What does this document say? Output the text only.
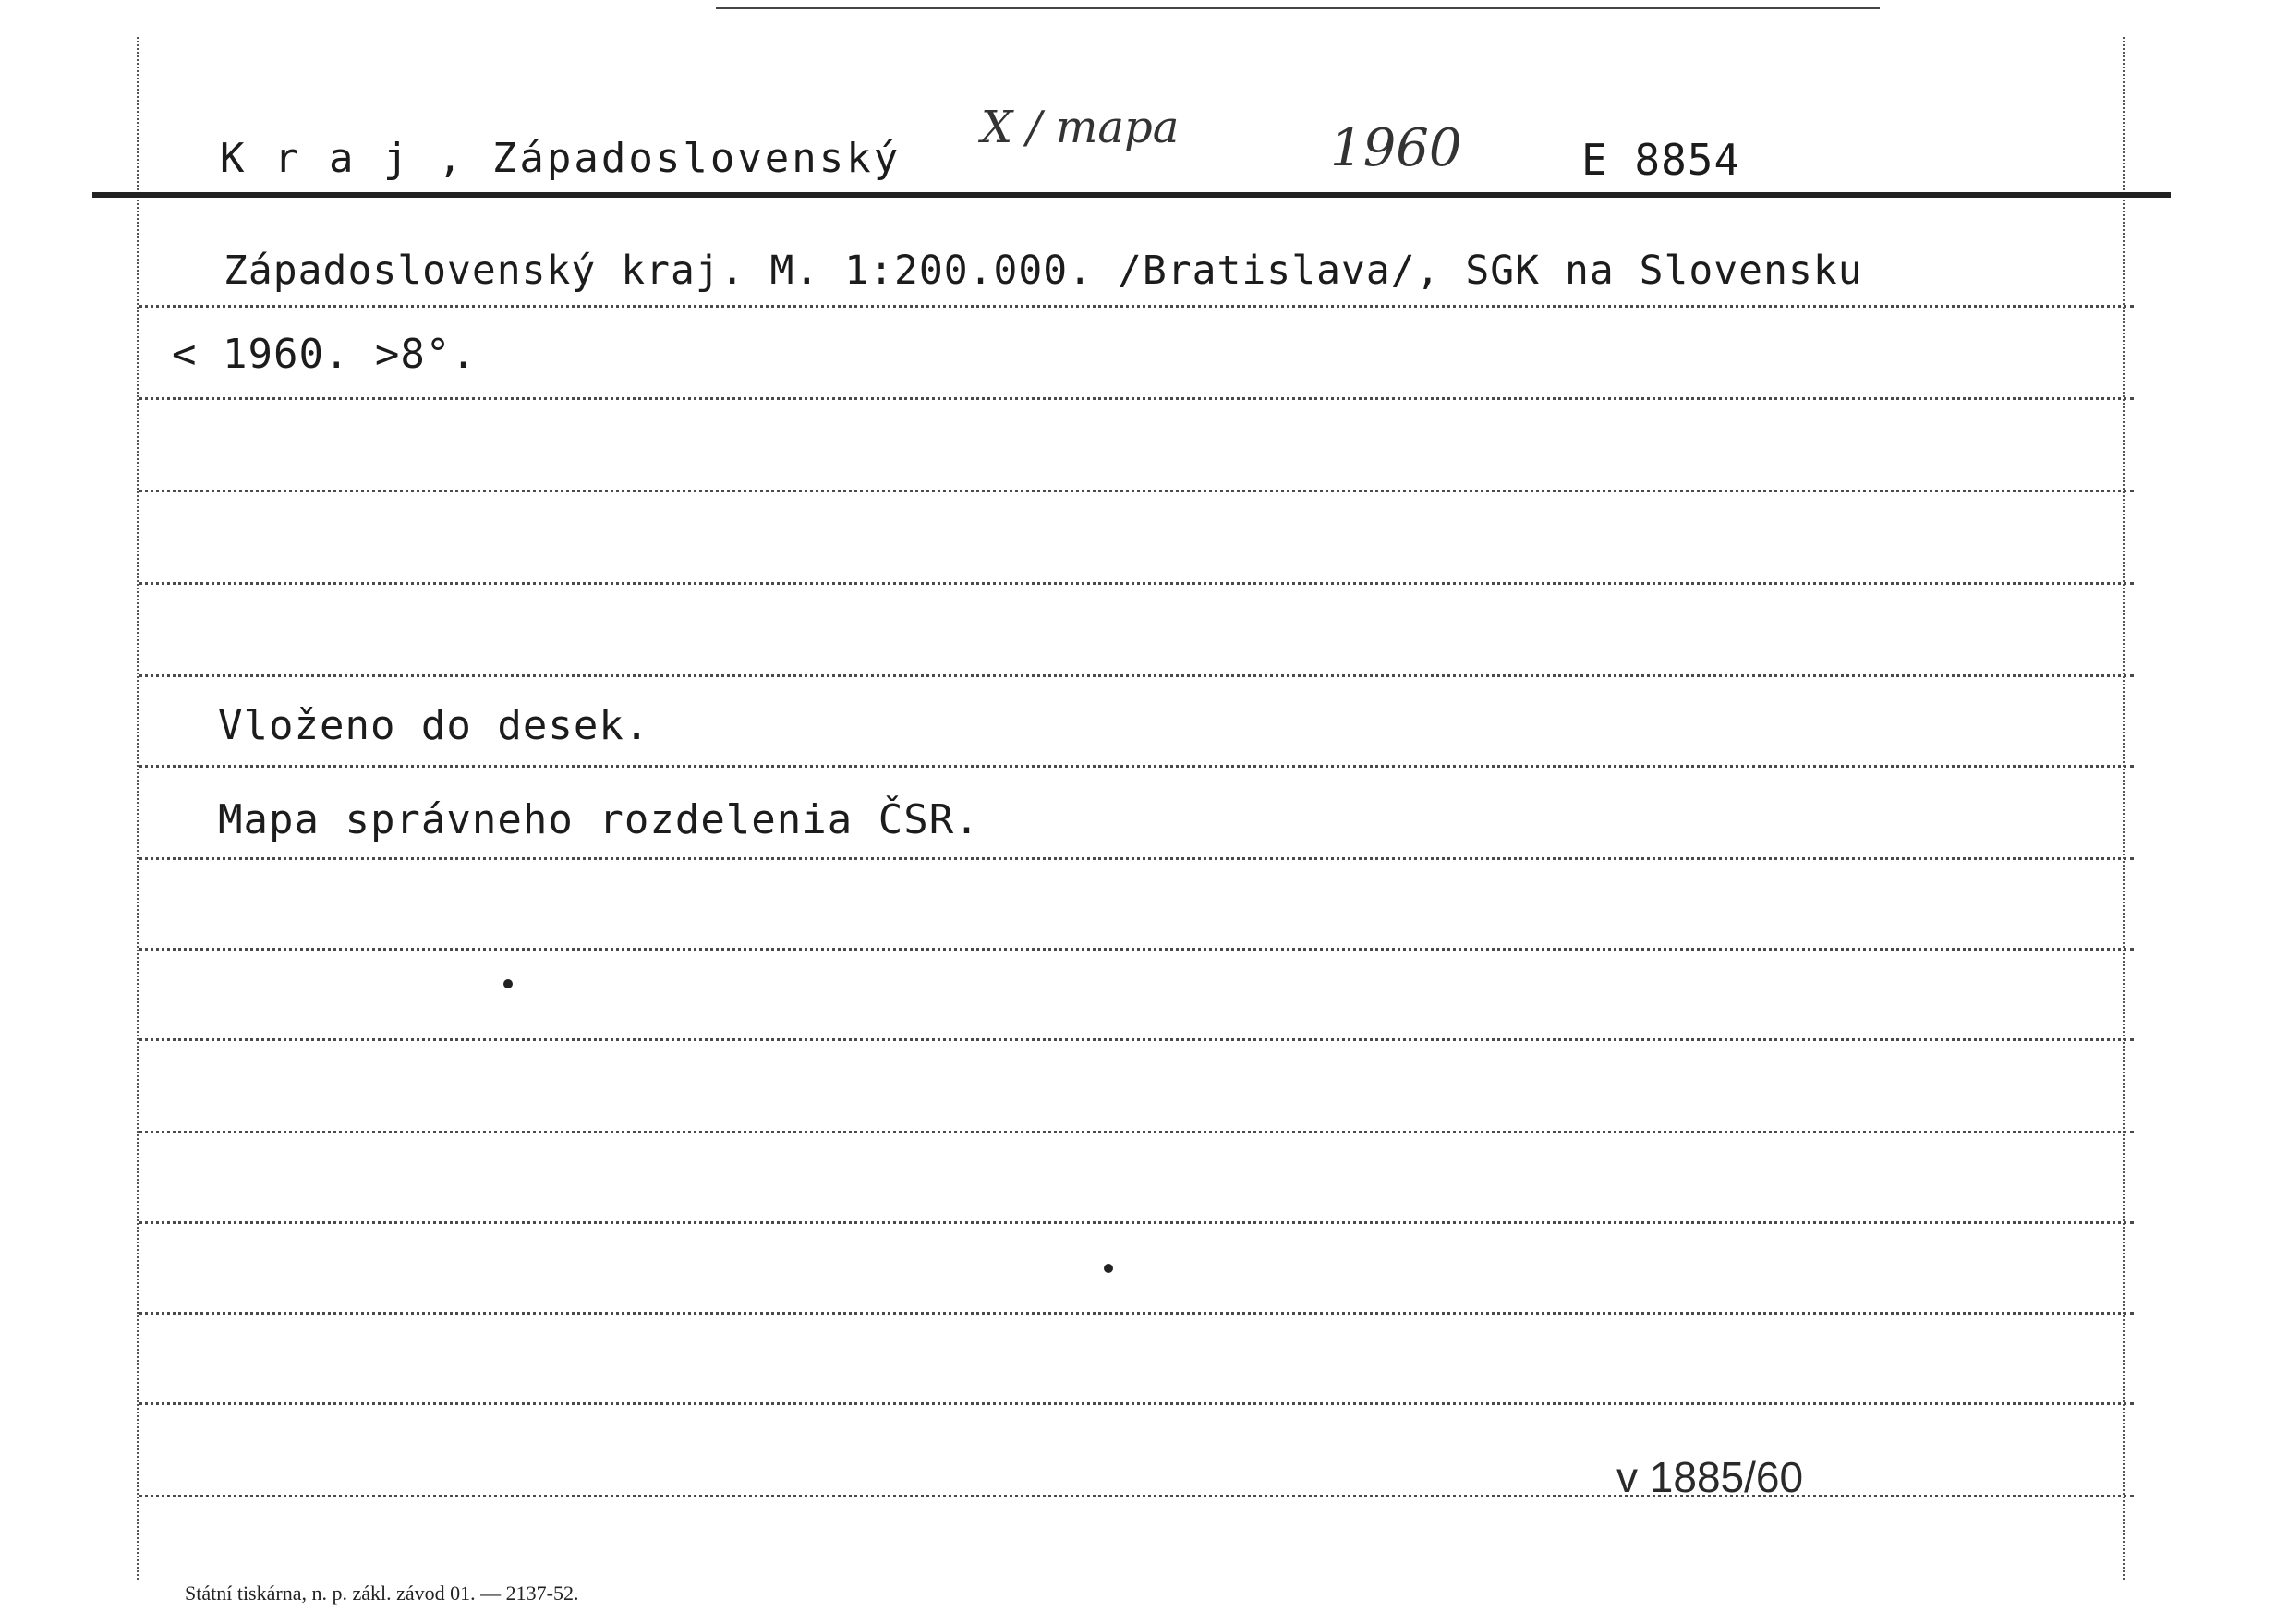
K r a j , Západoslovenský
X / mapa	1960	E 8854
Západoslovenský kraj. M. 1:200.000. /Bratislava/, SGK na Slovensku
< 1960. >8°.
Vloženo do desek.
Mapa správneho rozdelenia ČSR.
v 1885/60
Státní tiskárna, n. p. zákl. závod 01. — 2137-52.
